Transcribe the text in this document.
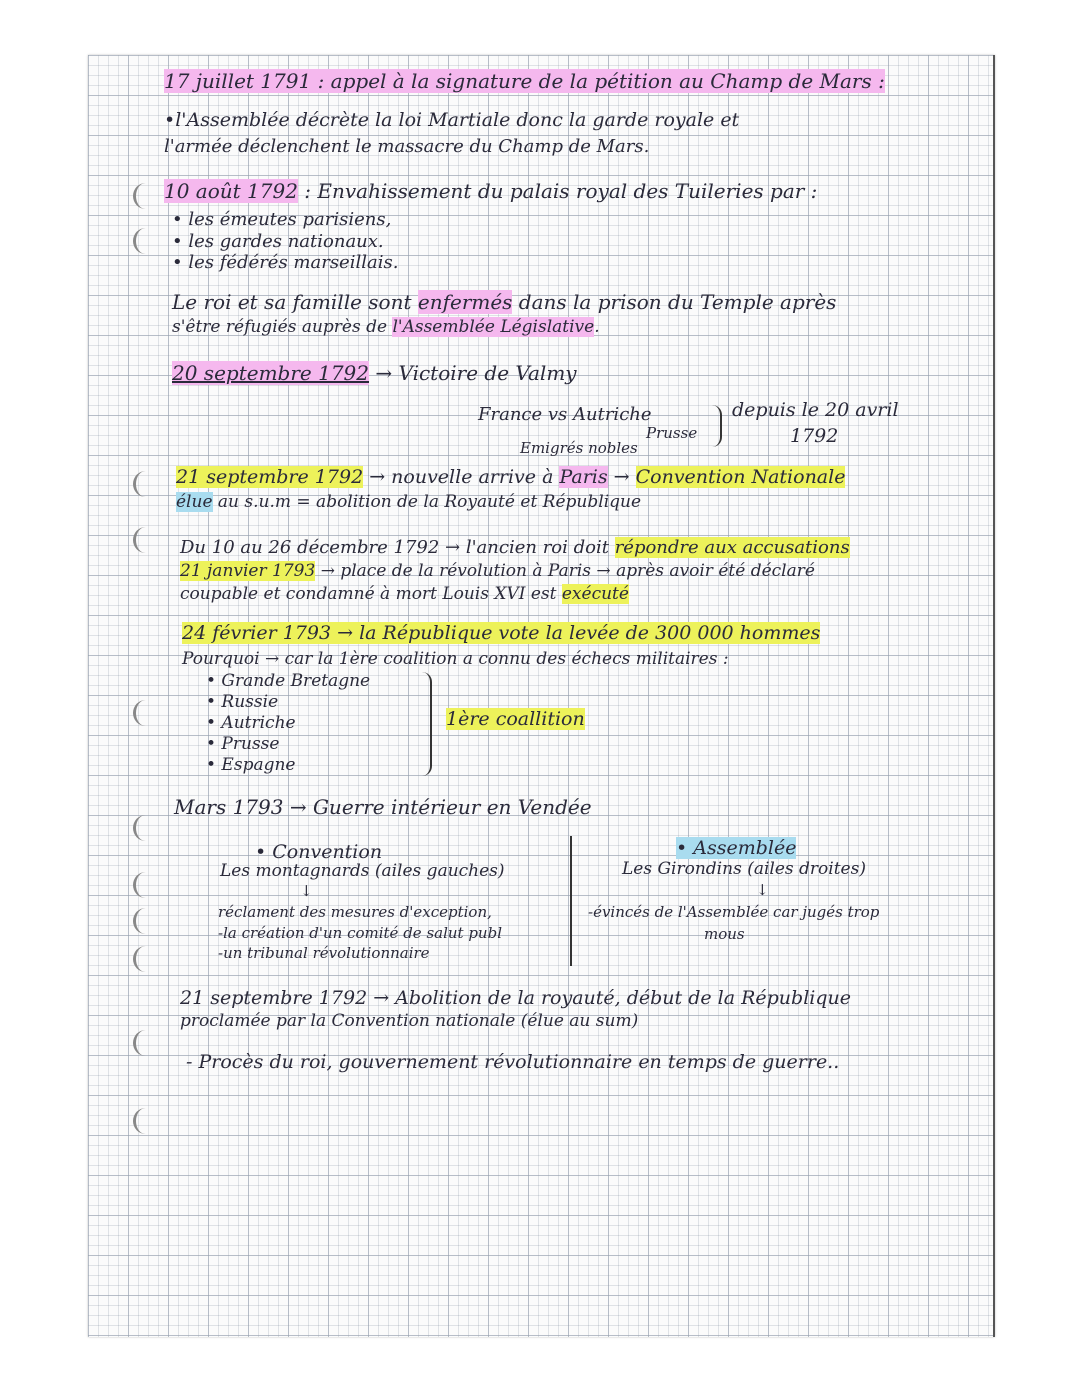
17 juillet 1791 : appel à la signature de la pétition au Champ de Mars :
•l'Assemblée décrète la loi Martiale donc la garde royale et
l'armée déclenchent le massacre du Champ de Mars.
10 août 1792 : Envahissement du palais royal des Tuileries par :
• les émeutes parisiens,
• les gardes nationaux.
• les fédérés marseillais.
Le roi et sa famille sont enfermés dans la prison du Temple après
s'être réfugiés auprès de l'Assemblée Législative.
20 septembre 1792 → Victoire de Valmy
France vs Autriche
Prusse
Emigrés nobles
depuis le 20 avril
1792
21 septembre 1792 → nouvelle arrive à Paris → Convention Nationale
élue au s.u.m = abolition de la Royauté et République
Du 10 au 26 décembre 1792 → l'ancien roi doit répondre aux accusations
21 janvier 1793 → place de la révolution à Paris → après avoir été déclaré
coupable et condamné à mort Louis XVI est exécuté
24 février 1793 → la République vote la levée de 300 000 hommes
Pourquoi → car la 1ère coalition a connu des échecs militaires :
• Grande Bretagne
• Russie
• Autriche
• Prusse
• Espagne
1ère coallition
Mars 1793 → Guerre intérieur en Vendée
• Convention
Les montagnards (ailes gauches)
↓
réclament des mesures d'exception,
-la création d'un comité de salut publ
-un tribunal révolutionnaire
• Assemblée
Les Girondins (ailes droites)
↓
-évincés de l'Assemblée car jugés trop
mous
21 septembre 1792 → Abolition de la royauté, début de la République
proclamée par la Convention nationale (élue au sum)
- Procès du roi, gouvernement révolutionnaire en temps de guerre..
